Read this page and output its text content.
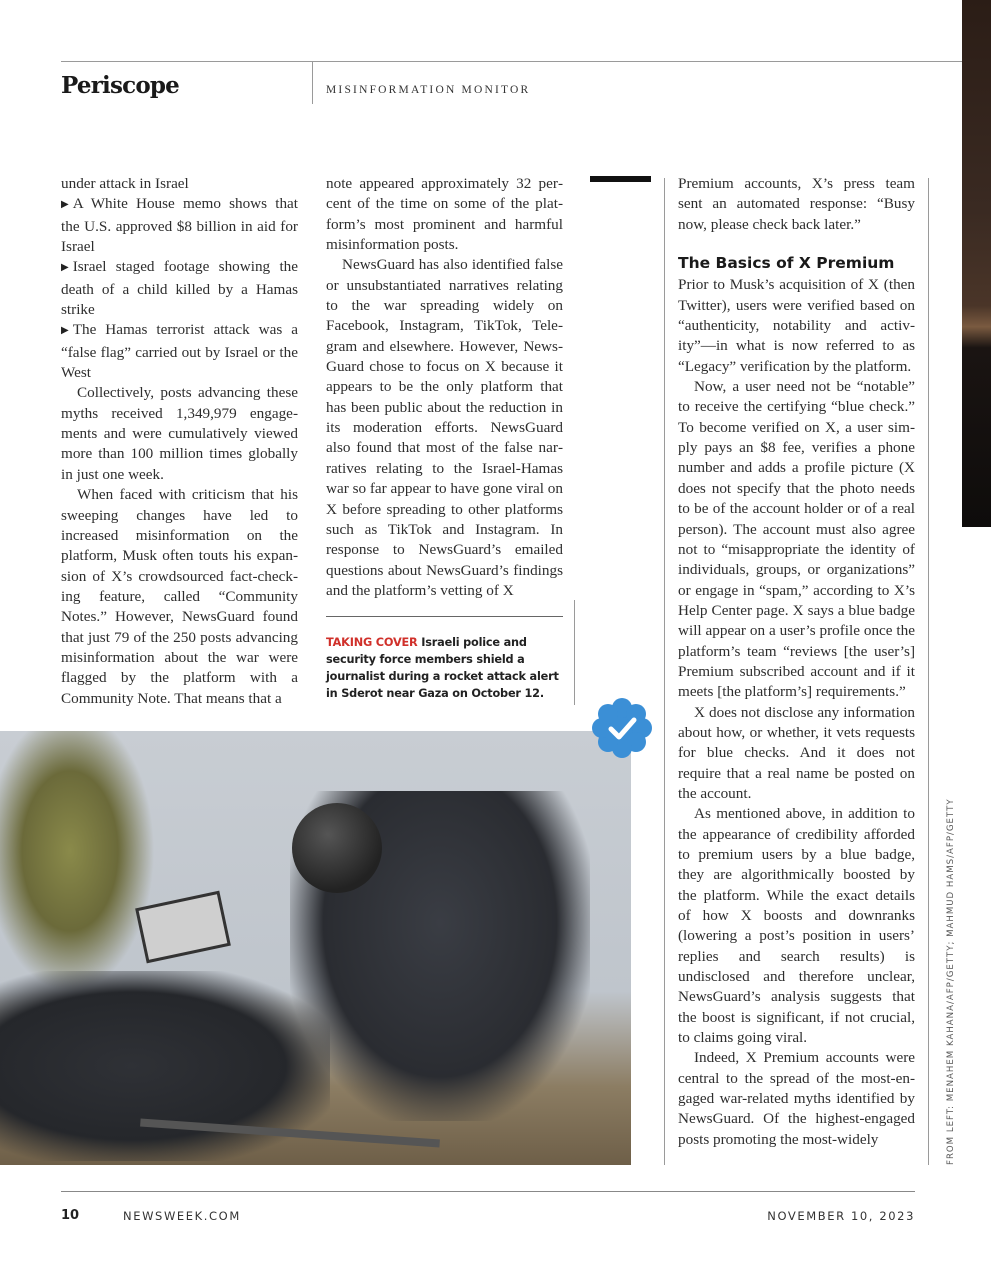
Periscope	MISINFORMATION MONITOR

under attack in Israel

▶ A White House memo shows that the U.S. approved $8 billion in aid for Israel

▶ Israel staged footage showing the death of a child killed by a Hamas strike

▶ The Hamas terrorist attack was a “false flag” carried out by Israel or the West

Collectively, posts advancing these myths received 1,349,979 engagements and were cumulatively viewed more than 100 million times globally in just one week.

When faced with criticism that his sweeping changes have led to increased misinformation on the platform, Musk often touts his expansion of X’s crowdsourced fact-checking feature, called “Community Notes.” However, NewsGuard found that just 79 of the 250 posts advancing misinformation about the war were flagged by the platform with a Community Note. That means that a

note appeared approximately 32 percent of the time on some of the platform’s most prominent and harmful misinformation posts.

NewsGuard has also identified false or unsubstantiated narratives relating to the war spreading widely on Facebook, Instagram, TikTok, Telegram and elsewhere. However, NewsGuard chose to focus on X because it appears to be the only platform that has been public about the reduction in its moderation efforts. NewsGuard also found that most of the false narratives relating to the Israel-Hamas war so far appear to have gone viral on X before spreading to other platforms such as TikTok and Instagram. In response to NewsGuard’s emailed questions about NewsGuard’s findings and the platform’s vetting of X

TAKING COVER Israeli police and security force members shield a journalist during a rocket attack alert in Sderot near Gaza on October 12.

Premium accounts, X’s press team sent an automated response: “Busy now, please check back later.”

The Basics of X Premium

Prior to Musk’s acquisition of X (then Twitter), users were verified based on “authenticity, notability and activity”—in what is now referred to as “Legacy” verification by the platform.

Now, a user need not be “notable” to receive the certifying “blue check.” To become verified on X, a user simply pays an $8 fee, verifies a phone number and adds a profile picture (X does not specify that the photo needs to be of the account holder or of a real person). The account must also agree not to “misappropriate the identity of individuals, groups, or organizations” or engage in “spam,” according to X’s Help Center page. X says a blue badge will appear on a user’s profile once the platform’s team “reviews [the user’s] Premium subscribed account and if it meets [the platform’s] requirements.”

X does not disclose any information about how, or whether, it vets requests for blue checks. And it does not require that a real name be posted on the account.

As mentioned above, in addition to the appearance of credibility afforded to premium users by a blue badge, they are algorithmically boosted by the platform. While the exact details of how X boosts and downranks (lowering a post’s position in users’ replies and search results) is undisclosed and therefore unclear, NewsGuard’s analysis suggests that the boost is significant, if not crucial, to claims going viral.

Indeed, X Premium accounts were central to the spread of the most-engaged war-related myths identified by NewsGuard. Of the highest-engaged posts promoting the most-widely	FROM LEFT: MENAHEM KAHANA/AFP/GETTY; MAHMUD HAMS/AFP/GETTY
10	NEWSWEEK.COM	NOVEMBER 10, 2023
